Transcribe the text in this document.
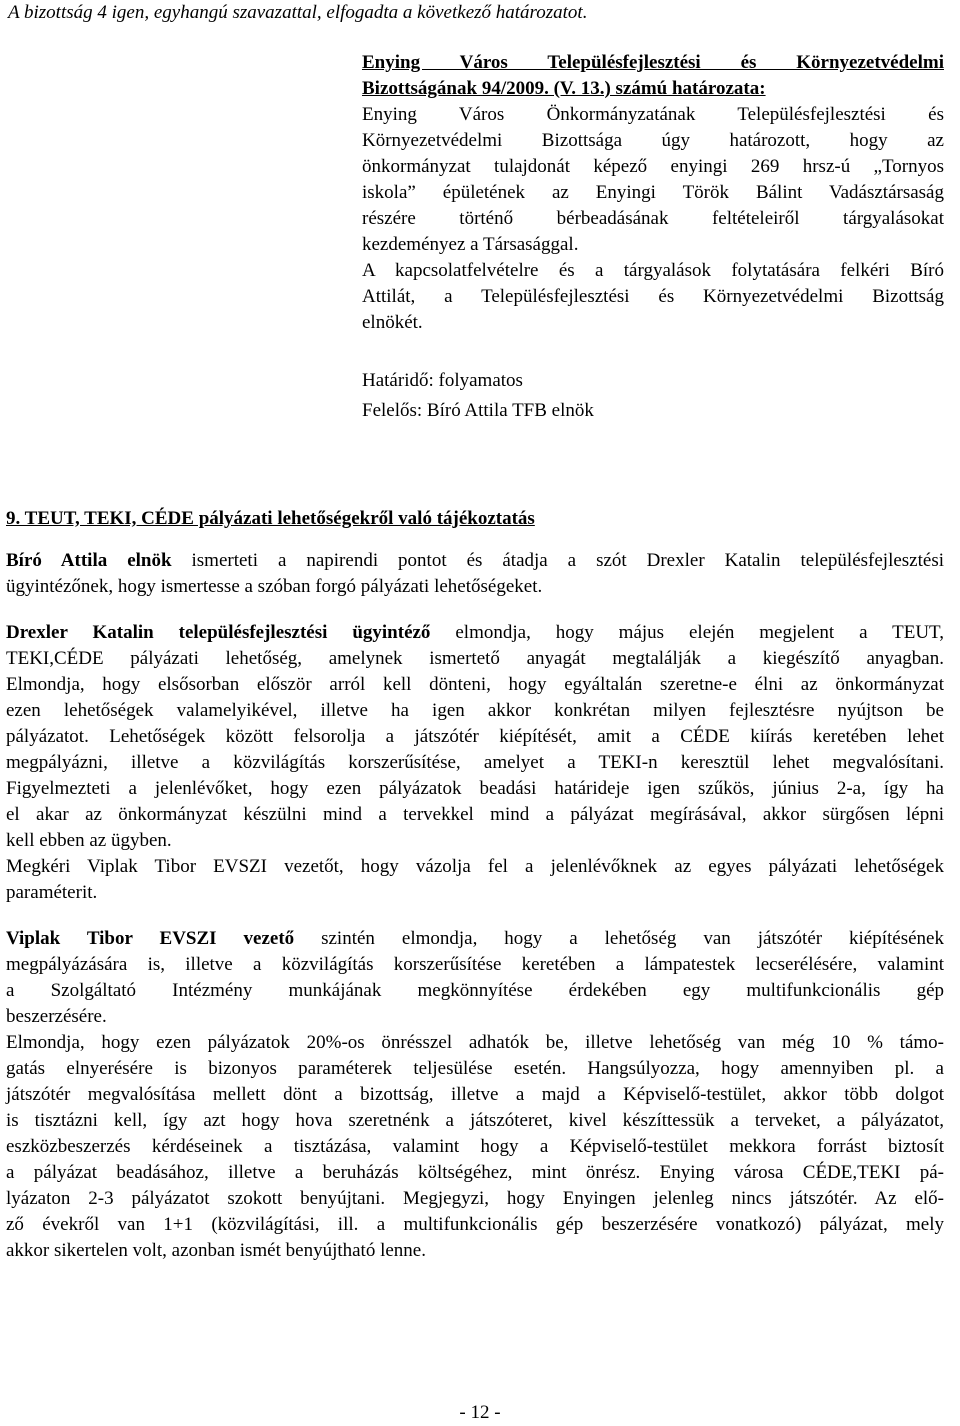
A bizottság 4 igen, egyhangú szavazattal, elfogadta a következő határozatot.
Enying Város Településfejlesztési és Környezetvédelmi
Bizottságának 94/2009. (V. 13.) számú határozata:
Enying Város Önkormányzatának Településfejlesztési és
Környezetvédelmi Bizottsága úgy határozott, hogy az
önkormányzat tulajdonát képező enyingi 269 hrsz-ú „Tornyos
iskola” épületének az Enyingi Török Bálint Vadásztársaság
részére történő bérbeadásának feltételeiről tárgyalásokat
kezdeményez a Társasággal.
A kapcsolatfelvételre és a tárgyalások folytatására felkéri Bíró
Attilát, a Településfejlesztési és Környezetvédelmi Bizottság
elnökét.
Határidő: folyamatos
Felelős: Bíró Attila TFB elnök
9. TEUT, TEKI, CÉDE pályázati lehetőségekről való tájékoztatás
Bíró Attila elnök ismerteti a napirendi pontot és átadja a szót Drexler Katalin településfejlesztési
ügyintézőnek, hogy ismertesse a szóban forgó pályázati lehetőségeket.
Drexler Katalin településfejlesztési ügyintéző elmondja, hogy május elején megjelent a TEUT,
TEKI,CÉDE pályázati lehetőség, amelynek ismertető anyagát megtalálják a kiegészítő anyagban.
Elmondja, hogy elsősorban először arról kell dönteni, hogy egyáltalán szeretne-e élni az önkormányzat
ezen lehetőségek valamelyikével, illetve ha igen akkor konkrétan milyen fejlesztésre nyújtson be
pályázatot. Lehetőségek között felsorolja a játszótér kiépítését, amit a CÉDE kiírás keretében lehet
megpályázni, illetve a közvilágítás korszerűsítése, amelyet a TEKI-n keresztül lehet megvalósítani.
Figyelmezteti a jelenlévőket, hogy ezen pályázatok beadási határideje igen szűkös, június 2-a, így ha
el akar az önkormányzat készülni mind a tervekkel mind a pályázat megírásával, akkor sürgősen lépni
kell ebben az ügyben.
Megkéri Viplak Tibor EVSZI vezetőt, hogy vázolja fel a jelenlévőknek az egyes pályázati lehetőségek
paraméterit.
Viplak Tibor EVSZI vezető szintén elmondja, hogy a lehetőség van játszótér kiépítésének
megpályázására is, illetve a közvilágítás korszerűsítése keretében a lámpatestek lecserélésére, valamint
a Szolgáltató Intézmény munkájának megkönnyítése érdekében egy multifunkcionális gép
beszerzésére.
Elmondja, hogy ezen pályázatok 20%-os önrésszel adhatók be, illetve lehetőség van még 10 % támo-
gatás elnyerésére is bizonyos paraméterek teljesülése esetén. Hangsúlyozza, hogy amennyiben pl. a
játszótér megvalósítása mellett dönt a bizottság, illetve a majd a Képviselő-testület, akkor több dolgot
is tisztázni kell, így azt hogy hova szeretnénk a játszóteret, kivel készíttessük a terveket, a pályázatot,
eszközbeszerzés kérdéseinek a tisztázása, valamint hogy a Képviselő-testület mekkora forrást biztosít
a pályázat beadásához, illetve a beruházás költségéhez, mint önrész. Enying városa CÉDE,TEKI pá-
lyázaton 2-3 pályázatot szokott benyújtani. Megjegyzi, hogy Enyingen jelenleg nincs játszótér. Az elő-
ző évekről van 1+1 (közvilágítási, ill. a multifunkcionális gép beszerzésére vonatkozó) pályázat, mely
akkor sikertelen volt, azonban ismét benyújtható lenne.
- 12 -
